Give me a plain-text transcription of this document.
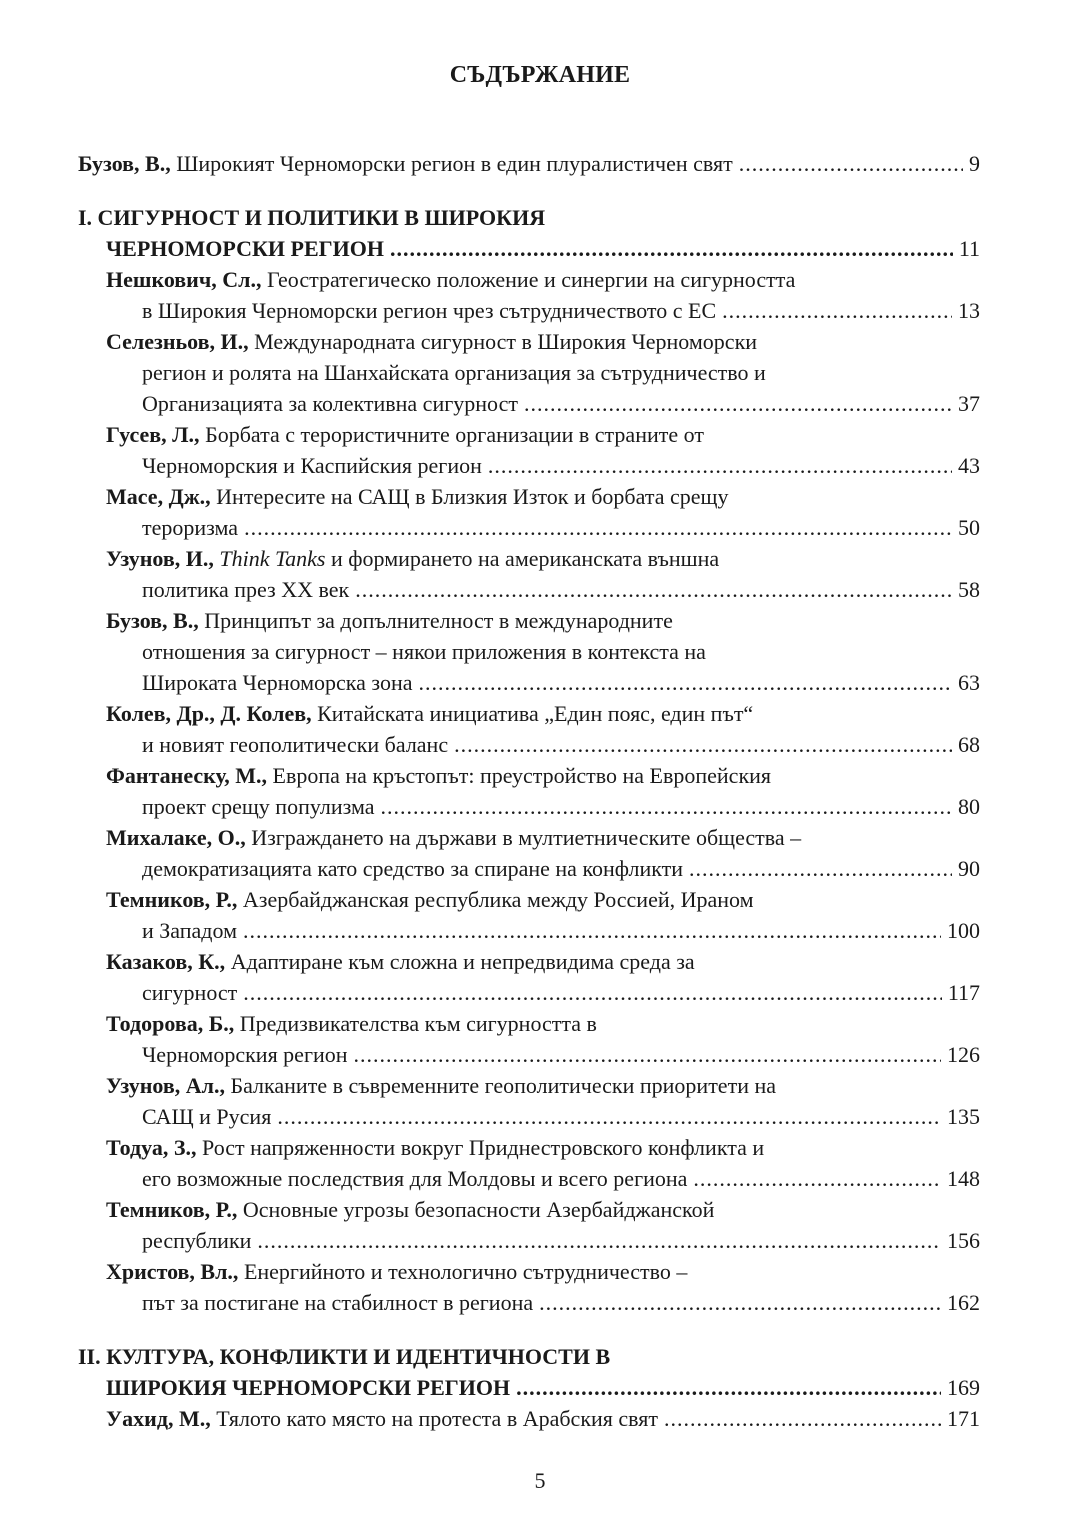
СЪДЪРЖАНИЕ
Бузов, В., Широкият Черноморски регион в един плуралистичен свят .....	9
I. СИГУРНОСТ И ПОЛИТИКИ В ШИРОКИЯ
ЧЕРНОМОРСКИ РЕГИОН .....	11
Нешкович, Сл., Геостратегическо положение и синергии на сигурността
в Широкия Черноморски регион чрез сътрудничеството с ЕС .....	13
Селезньов, И., Международната сигурност в Широкия Черноморски
регион и ролята на Шанхайската организация за сътрудничество и
Организацията за колективна сигурност .....	37
Гусев, Л., Борбата с терористичните организации в страните от
Черноморския и Каспийския регион .....	43
Масе, Дж., Интересите на САЩ в Близкия Изток и борбата срещу
тероризма .....	50
Узунов, И., Think Tanks и формирането на американската външна
политика през ХХ век .....	58
Бузов, В., Принципът за допълнителност в международните
отношения за сигурност – някои приложения в контекста на
Широката Черноморска зона .....	63
Колев, Др., Д. Колев, Китайската инициатива „Един пояс, един път“
и новият геополитически баланс .....	68
Фантанеску, М., Европа на кръстопът: преустройство на Европейския
проект срещу популизма .....	80
Михалаке, О., Изграждането на държави в мултиетническите общества –
демократизацията като средство за спиране на конфликти .....	90
Темников, Р., Азербайджанская республика между Россией, Ираном
и Западом .....	100
Казаков, К., Адаптиране към сложна и непредвидима среда за
сигурност .....	117
Тодорова, Б., Предизвикателства към сигурността в
Черноморския регион .....	126
Узунов, Ал., Балканите в съвременните геополитически приоритети на
САЩ и Русия .....	135
Тодуа, З., Рост напряженности вокруг Приднестровского конфликта и
его возможные последствия для Молдовы и всего региона .....	148
Темников, Р., Основные угрозы безопасности Азербайджанской
республики .....	156
Христов, Вл., Енергийното и технологично сътрудничество –
път за постигане на стабилност в региона .....	162
II. КУЛТУРА, КОНФЛИКТИ И ИДЕНТИЧНОСТИ В
ШИРОКИЯ ЧЕРНОМОРСКИ РЕГИОН .....	169
Уахид, М., Тялото като място на протеста в Арабския свят .....	171
5
